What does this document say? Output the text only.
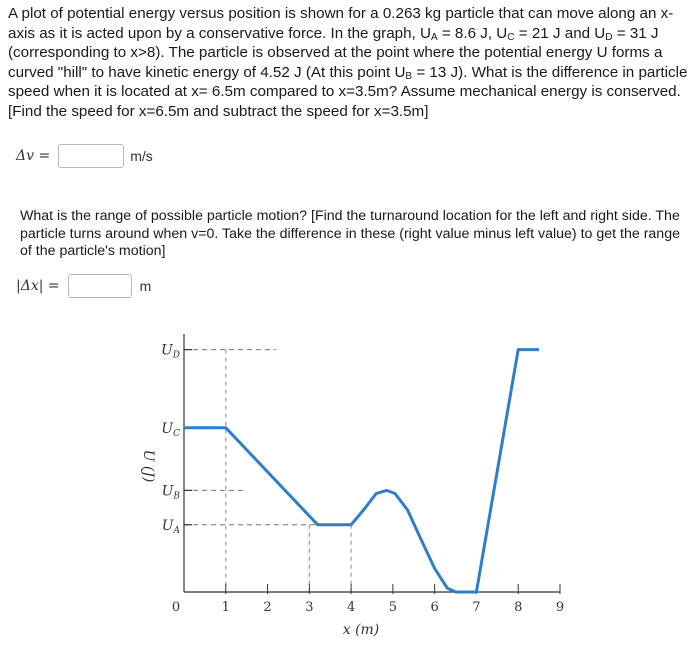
A plot of potential energy versus position is shown for a 0.263 kg particle that can move along an x-axis as it is acted upon by a conservative force. In the graph, $U_A = 8.6$ J, $U_C = 21$ J and $U_D = 31$ J (corresponding to x>8). The particle is observed at the point where the potential energy U forms a curved "hill" to have kinetic energy of 4.52 J (At this point $U_B = 13$ J). What is the difference in particle speed when it is located at x= 6.5m compared to x=3.5m? Assume mechanical energy is conserved. [Find the speed for x=6.5m and subtract the speed for x=3.5m]
Δv =	m/s
What is the range of possible particle motion? [Find the turnaround location for the left and right side. The particle turns around when v=0. Take the difference in these (right value minus left value) to get the range of the particle's motion]
|Δx| =	m
$U_D$
$U_C$
$U_B$
$U_A$
0	1	2	3	4	5	6	7	8	9
U (J)
x (m)
